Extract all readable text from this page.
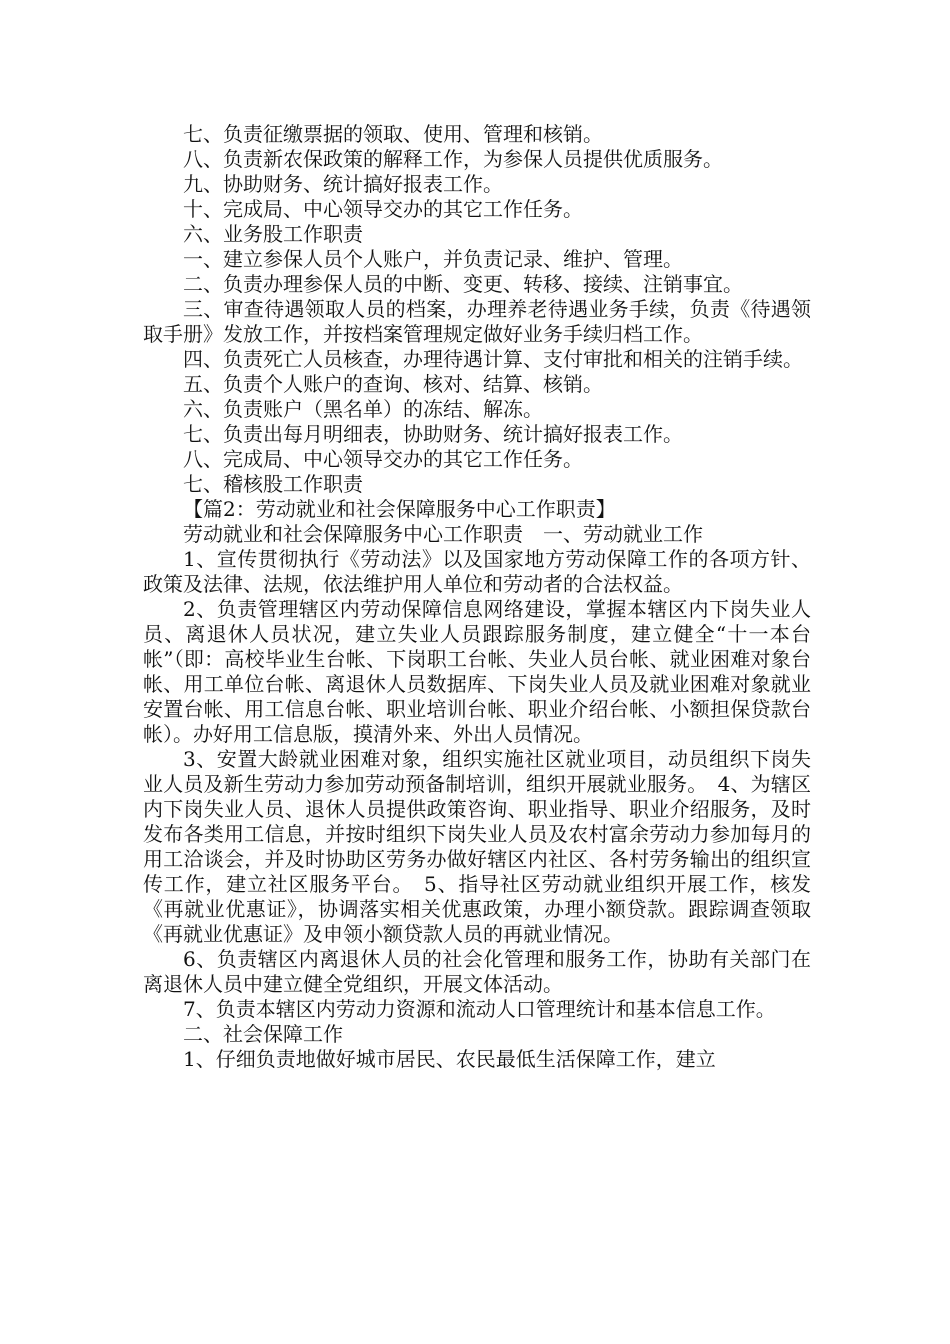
七、负责征缴票据的领取、使用、管理和核销。

八、负责新农保政策的解释工作，为参保人员提供优质服务。

九、协助财务、统计搞好报表工作。

十、完成局、中心领导交办的其它工作任务。

六、业务股工作职责

一、建立参保人员个人账户，并负责记录、维护、管理。

二、负责办理参保人员的中断、变更、转移、接续、注销事宜。

三、审查待遇领取人员的档案，办理养老待遇业务手续，负责《待遇领取手册》发放工作，并按档案管理规定做好业务手续归档工作。

四、负责死亡人员核查，办理待遇计算、支付审批和相关的注销手续。

五、负责个人账户的查询、核对、结算、核销。

六、负责账户（黑名单）的冻结、解冻。

七、负责出每月明细表，协助财务、统计搞好报表工作。

八、完成局、中心领导交办的其它工作任务。

七、稽核股工作职责

【篇2：劳动就业和社会保障服务中心工作职责】

劳动就业和社会保障服务中心工作职责　一、劳动就业工作

1、宣传贯彻执行《劳动法》以及国家地方劳动保障工作的各项方针、政策及法律、法规，依法维护用人单位和劳动者的合法权益。

2、负责管理辖区内劳动保障信息网络建设，掌握本辖区内下岗失业人员、离退休人员状况，建立失业人员跟踪服务制度，建立健全“十一本台帐”（即：高校毕业生台帐、下岗职工台帐、失业人员台帐、就业困难对象台帐、用工单位台帐、离退休人员数据库、下岗失业人员及就业困难对象就业安置台帐、用工信息台帐、职业培训台帐、职业介绍台帐、小额担保贷款台帐）。办好用工信息版，摸清外来、外出人员情况。

3、安置大龄就业困难对象，组织实施社区就业项目，动员组织下岗失业人员及新生劳动力参加劳动预备制培训，组织开展就业服务。　4、为辖区内下岗失业人员、退休人员提供政策咨询、职业指导、职业介绍服务，及时发布各类用工信息，并按时组织下岗失业人员及农村富余劳动力参加每月的用工洽谈会，并及时协助区劳务办做好辖区内社区、各村劳务输出的组织宣传工作，建立社区服务平台。　5、指导社区劳动就业组织开展工作，核发《再就业优惠证》，协调落实相关优惠政策，办理小额贷款。跟踪调查领取《再就业优惠证》及申领小额贷款人员的再就业情况。

6、负责辖区内离退休人员的社会化管理和服务工作，协助有关部门在离退休人员中建立健全党组织，开展文体活动。

7、负责本辖区内劳动力资源和流动人口管理统计和基本信息工作。

二、社会保障工作

1、仔细负责地做好城市居民、农民最低生活保障工作，建立
